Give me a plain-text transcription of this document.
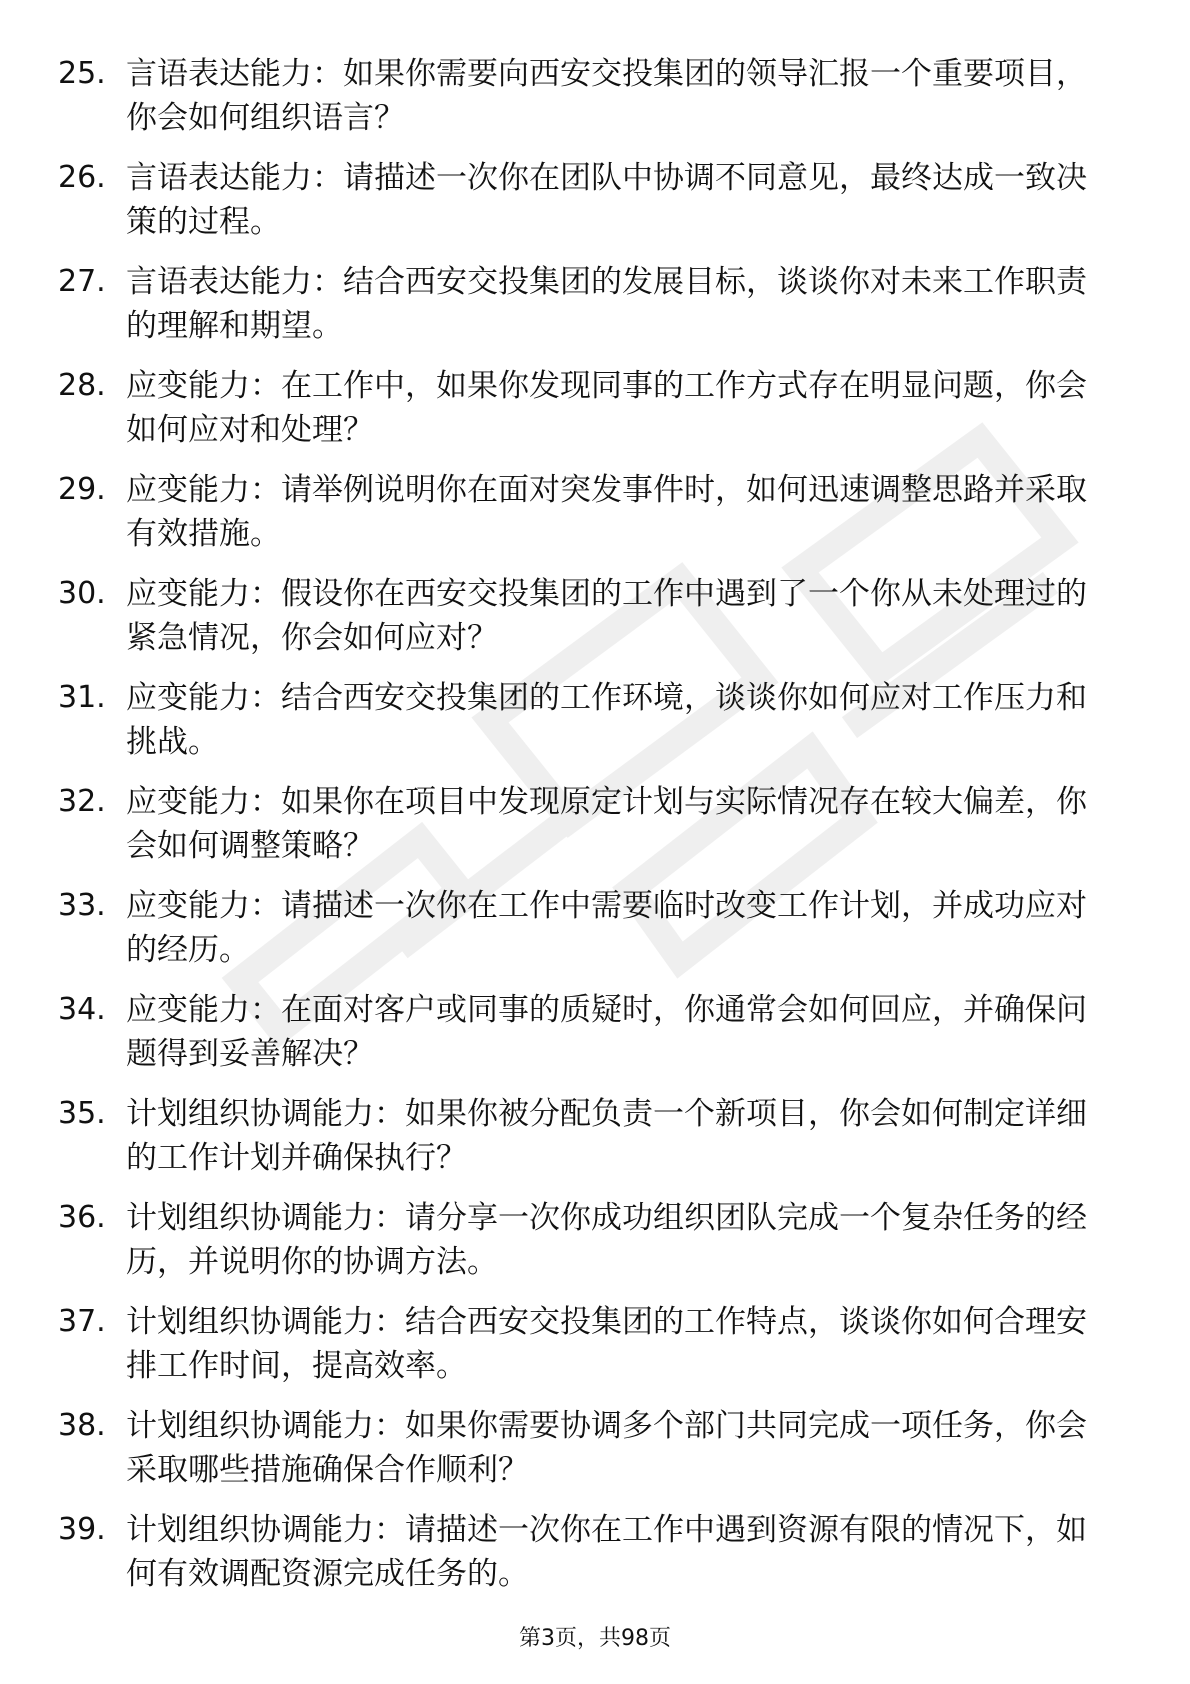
25. 言语表达能力：如果你需要向西安交投集团的领导汇报一个重要项目，你会如何组织语言？
26. 言语表达能力：请描述一次你在团队中协调不同意见，最终达成一致决策的过程。
27. 言语表达能力：结合西安交投集团的发展目标，谈谈你对未来工作职责的理解和期望。
28. 应变能力：在工作中，如果你发现同事的工作方式存在明显问题，你会如何应对和处理？
29. 应变能力：请举例说明你在面对突发事件时，如何迅速调整思路并采取有效措施。
30. 应变能力：假设你在西安交投集团的工作中遇到了一个你从未处理过的紧急情况，你会如何应对？
31. 应变能力：结合西安交投集团的工作环境，谈谈你如何应对工作压力和挑战。
32. 应变能力：如果你在项目中发现原定计划与实际情况存在较大偏差，你会如何调整策略？
33. 应变能力：请描述一次你在工作中需要临时改变工作计划，并成功应对的经历。
34. 应变能力：在面对客户或同事的质疑时，你通常会如何回应，并确保问题得到妥善解决？
35. 计划组织协调能力：如果你被分配负责一个新项目，你会如何制定详细的工作计划并确保执行？
36. 计划组织协调能力：请分享一次你成功组织团队完成一个复杂任务的经历，并说明你的协调方法。
37. 计划组织协调能力：结合西安交投集团的工作特点，谈谈你如何合理安排工作时间，提高效率。
38. 计划组织协调能力：如果你需要协调多个部门共同完成一项任务，你会采取哪些措施确保合作顺利？
39. 计划组织协调能力：请描述一次你在工作中遇到资源有限的情况下，如何有效调配资源完成任务的。
第3页，共98页
